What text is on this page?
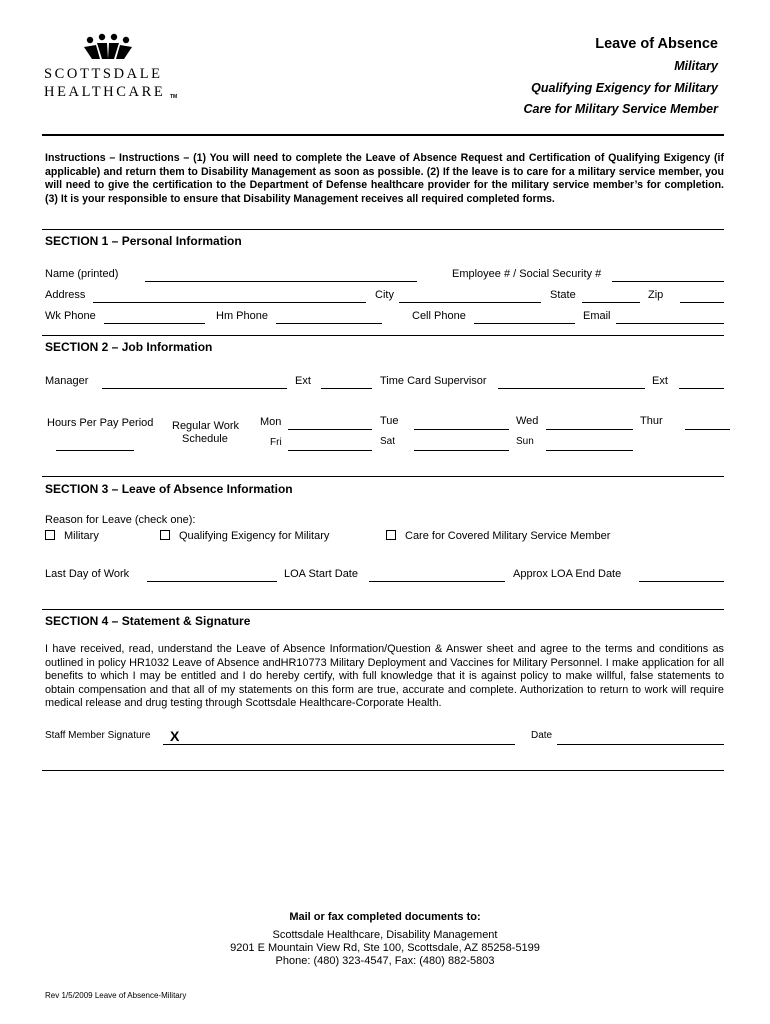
SCOTTSDALE
HEALTHCARE TM
Leave of Absence
Military
Qualifying Exigency for Military
Care for Military Service Member
Instructions – Instructions – (1) You will need to complete the Leave of Absence Request and Certification of Qualifying Exigency (if applicable) and return them to Disability Management as soon as possible. (2) If the leave is to care for a military service member, you will need to give the certification to the Department of Defense healthcare provider for the military service member’s for completion. (3) It is your responsible to ensure that Disability Management receives all required completed forms.
SECTION 1 – Personal Information
Name (printed)	Employee # / Social Security #
Address	City	State	Zip
Wk Phone	Hm Phone	Cell Phone	Email
SECTION 2 – Job Information
Manager	Ext	Time Card Supervisor	Ext
Hours Per Pay Period Regular Work
Schedule
Mon	Tue	Wed	Thur
Fri	Sat	Sun
SECTION 3 – Leave of Absence Information
Reason for Leave (check one):
Military	Qualifying Exigency for Military	Care for Covered Military Service Member
Last Day of Work	LOA Start Date	Approx LOA End Date
SECTION 4 – Statement & Signature
I have received, read, understand the Leave of Absence Information/Question & Answer sheet and agree to the terms and conditions as outlined in policy HR1032 Leave of Absence andHR10773 Military Deployment and Vaccines for Military Personnel. I make application for all benefits to which I may be entitled and I do hereby certify, with full knowledge that it is against policy to make willful, false statements to obtain compensation and that all of my statements on this form are true, accurate and complete. Authorization to return to work will require medical release and drug testing through Scottsdale Healthcare-Corporate Health.
Staff Member Signature X	Date
Mail or fax completed documents to:
Scottsdale Healthcare, Disability Management
9201 E Mountain View Rd, Ste 100, Scottsdale, AZ 85258-5199
Phone: (480) 323-4547, Fax: (480) 882-5803
Rev 1/5/2009 Leave of Absence-Military
